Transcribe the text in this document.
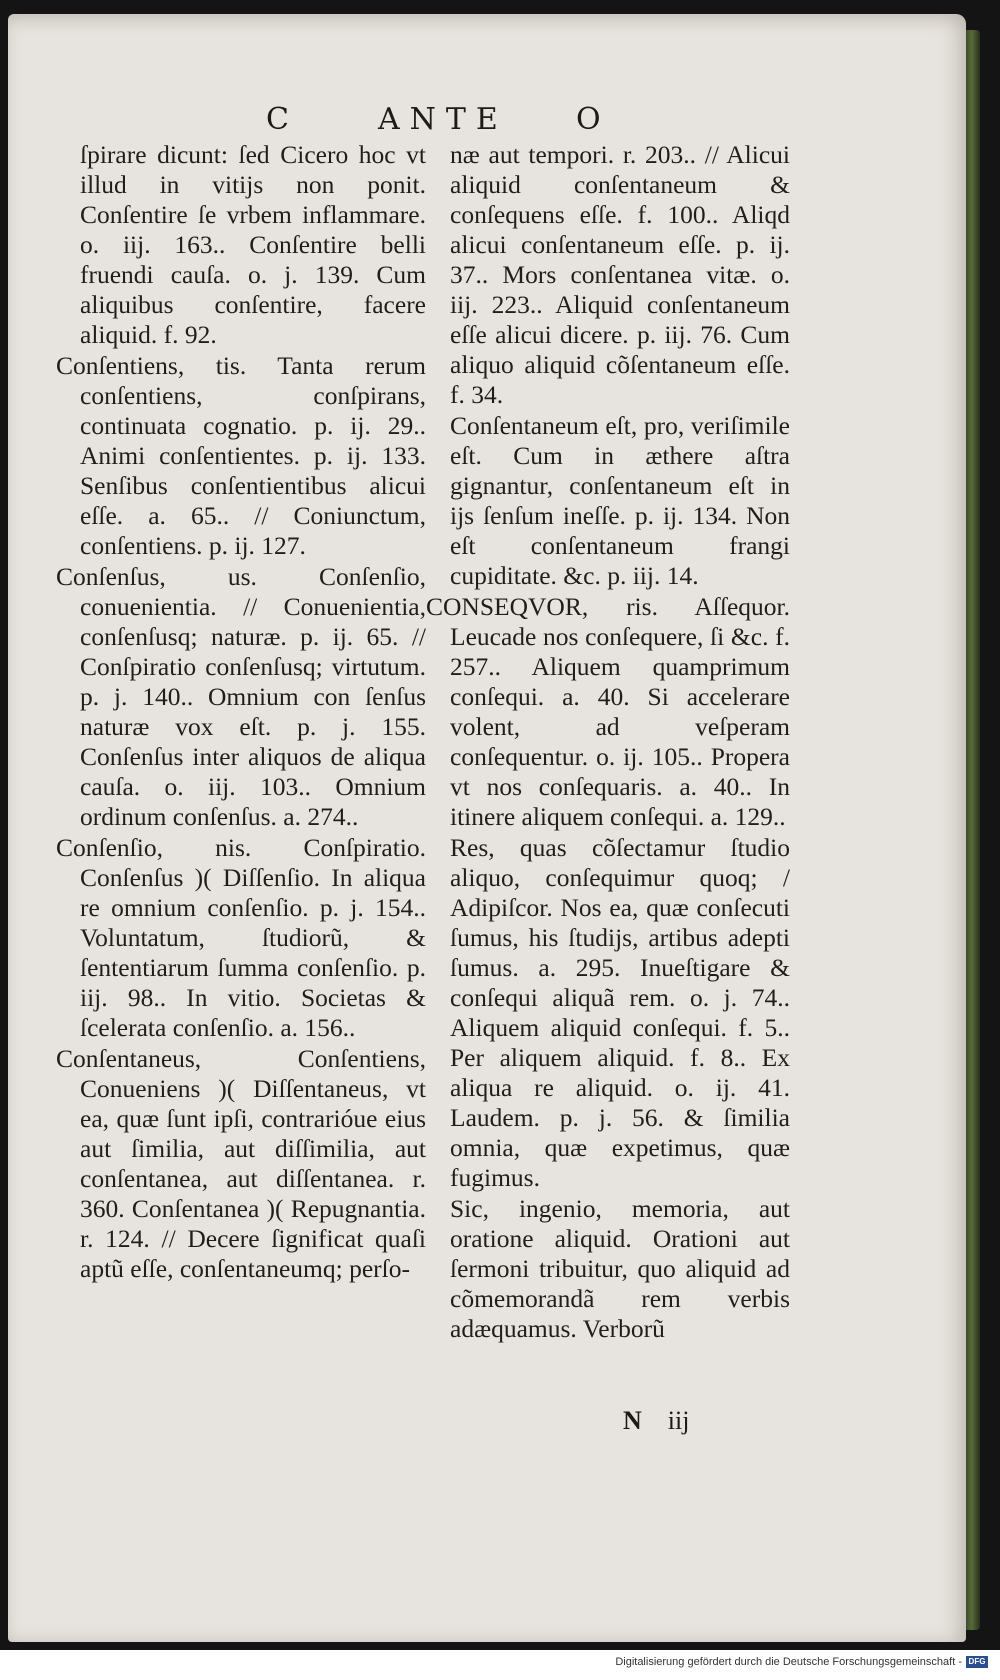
C	ANTE O

ſpirare dicunt: ſed Cicero hoc vt illud in vitijs non ponit. Conſentire ſe vrbem inflammare. o. iij. 163.. Conſentire belli fruendi cauſa. o. j. 139. Cum aliquibus conſentire, facere aliquid. f. 92.

Conſentiens, tis. Tanta rerum conſentiens, conſpirans, continuata cognatio. p. ij. 29.. Animi conſentientes. p. ij. 133. Senſibus conſentientibus alicui eſſe. a. 65.. // Coniunctum, conſentiens. p. ij. 127.

Conſenſus, us. Conſenſio, conuenientia. // Conuenientia, conſenſusq; naturæ. p. ij. 65. // Conſpiratio conſenſusq; virtutum. p. j. 140.. Omnium con ſenſus naturæ vox eſt. p. j. 155. Conſenſus inter aliquos de aliqua cauſa. o. iij. 103.. Omnium ordinum conſenſus. a. 274..

Conſenſio, nis. Conſpiratio. Conſenſus )( Diſſenſio. In aliqua re omnium conſenſio. p. j. 154.. Voluntatum, ſtudiorũ, & ſententiarum ſumma conſenſio. p. iij. 98.. In vitio. Societas & ſcelerata conſenſio. a. 156..

Conſentaneus, Conſentiens, Conueniens )( Diſſentaneus, vt ea, quæ ſunt ipſi, contrarióue eius aut ſimilia, aut diſſimilia, aut conſentanea, aut diſſentanea. r. 360. Conſentanea )( Repugnantia. r. 124. // Decere ſignificat quaſi aptũ eſſe, conſentaneumq; perſo-

næ aut tempori. r. 203.. // Alicui aliquid conſentaneum & conſequens eſſe. f. 100.. Aliqd alicui conſentaneum eſſe. p. ij. 37.. Mors conſentanea vitæ. o. iij. 223.. Aliquid conſentaneum eſſe alicui dicere. p. iij. 76. Cum aliquo aliquid cõſentaneum eſſe. f. 34.

Conſentaneum eſt, pro, veriſimile eſt. Cum in æthere aſtra gignantur, conſentaneum eſt in ijs ſenſum ineſſe. p. ij. 134. Non eſt conſentaneum frangi cupiditate. &c. p. iij. 14.

CONSEQVOR, ris. Aſſequor. Leucade nos conſequere, ſi &c. f. 257.. Aliquem quamprimum conſequi. a. 40. Si accelerare volent, ad veſperam conſequentur. o. ij. 105.. Propera vt nos conſequaris. a. 40.. In itinere aliquem conſequi. a. 129..

Res, quas cõſectamur ſtudio aliquo, conſequimur quoq; / Adipiſcor. Nos ea, quæ conſecuti ſumus, his ſtudijs, artibus adepti ſumus. a. 295. Inueſtigare & conſequi aliquã rem. o. j. 74.. Aliquem aliquid conſequi. f. 5.. Per aliquem aliquid. f. 8.. Ex aliqua re aliquid. o. ij. 41. Laudem. p. j. 56. & ſimilia omnia, quæ expetimus, quæ fugimus.

Sic, ingenio, memoria, aut oratione aliquid. Orationi aut ſermoni tribuitur, quo aliquid ad cõmemorandã rem verbis adæquamus. Verborũ

N iij
Digitalisierung gefördert durch die Deutsche Forschungsgemeinschaft - DFG
